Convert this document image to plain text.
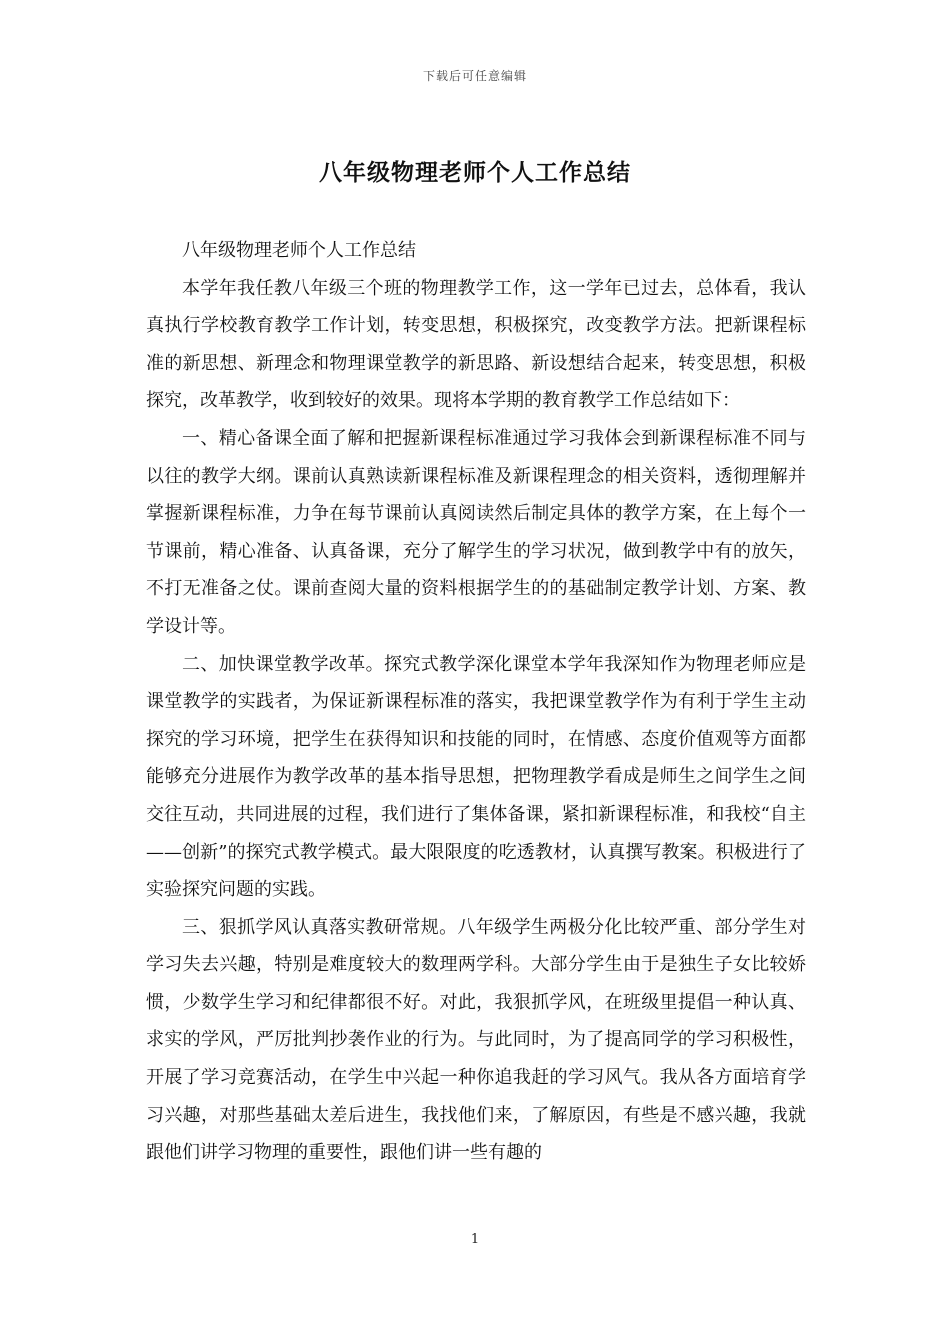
下载后可任意编辑
八年级物理老师个人工作总结

八年级物理老师个人工作总结

本学年我任教八年级三个班的物理教学工作，这一学年已过去，总体看，我认真执行学校教育教学工作计划，转变思想，积极探究，改变教学方法。把新课程标准的新思想、新理念和物理课堂教学的新思路、新设想结合起来，转变思想，积极探究，改革教学，收到较好的效果。现将本学期的教育教学工作总结如下：

一、精心备课全面了解和把握新课程标准通过学习我体会到新课程标准不同与以往的教学大纲。课前认真熟读新课程标准及新课程理念的相关资料，透彻理解并掌握新课程标准，力争在每节课前认真阅读然后制定具体的教学方案，在上每个一节课前，精心准备、认真备课，充分了解学生的学习状况，做到教学中有的放矢，不打无准备之仗。课前查阅大量的资料根据学生的的基础制定教学计划、方案、教学设计等。

二、加快课堂教学改革。探究式教学深化课堂本学年我深知作为物理老师应是课堂教学的实践者，为保证新课程标准的落实，我把课堂教学作为有利于学生主动探究的学习环境，把学生在获得知识和技能的同时，在情感、态度价值观等方面都能够充分进展作为教学改革的基本指导思想，把物理教学看成是师生之间学生之间交往互动，共同进展的过程，我们进行了集体备课，紧扣新课程标准，和我校“自主——创新”的探究式教学模式。最大限限度的吃透教材，认真撰写教案。积极进行了实验探究问题的实践。

三、狠抓学风认真落实教研常规。八年级学生两极分化比较严重、部分学生对学习失去兴趣，特别是难度较大的数理两学科。大部分学生由于是独生子女比较娇惯，少数学生学习和纪律都很不好。对此，我狠抓学风，在班级里提倡一种认真、求实的学风，严厉批判抄袭作业的行为。与此同时，为了提高同学的学习积极性，开展了学习竞赛活动，在学生中兴起一种你追我赶的学习风气。我从各方面培育学习兴趣，对那些基础太差后进生，我找他们来，了解原因，有些是不感兴趣，我就跟他们讲学习物理的重要性，跟他们讲一些有趣的

1
